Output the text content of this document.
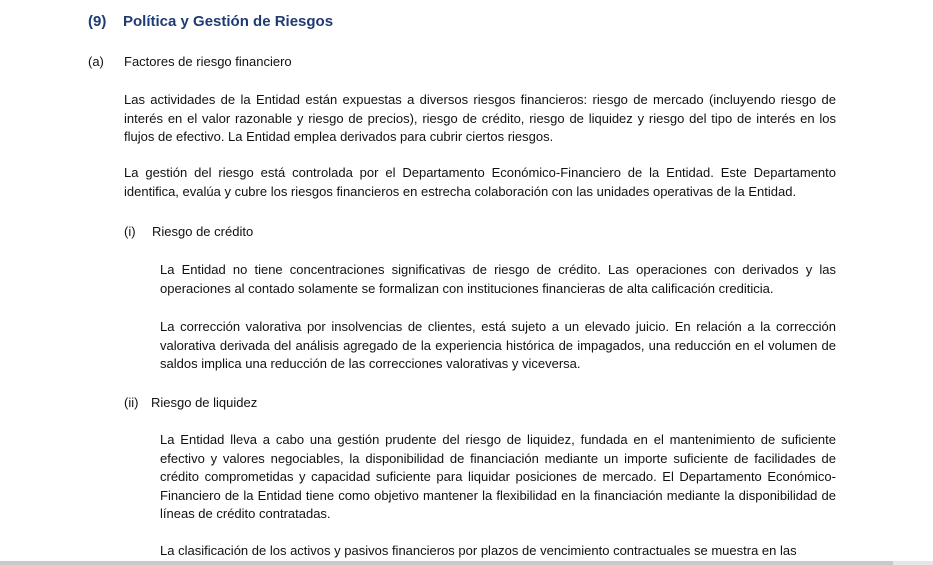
(9) Política y Gestión de Riesgos
(a) Factores de riesgo financiero

Las actividades de la Entidad están expuestas a diversos riesgos financieros: riesgo de mercado (incluyendo riesgo de interés en el valor razonable y riesgo de precios), riesgo de crédito, riesgo de liquidez y riesgo del tipo de interés en los flujos de efectivo. La Entidad emplea derivados para cubrir ciertos riesgos.

La gestión del riesgo está controlada por el Departamento Económico-Financiero de la Entidad. Este Departamento identifica, evalúa y cubre los riesgos financieros en estrecha colaboración con las unidades operativas de la Entidad.

(i) Riesgo de crédito

La Entidad no tiene concentraciones significativas de riesgo de crédito. Las operaciones con derivados y las operaciones al contado solamente se formalizan con instituciones financieras de alta calificación crediticia.

La corrección valorativa por insolvencias de clientes, está sujeto a un elevado juicio. En relación a la corrección valorativa derivada del análisis agregado de la experiencia histórica de impagados, una reducción en el volumen de saldos implica una reducción de las correcciones valorativas y viceversa.

(ii) Riesgo de liquidez

La Entidad lleva a cabo una gestión prudente del riesgo de liquidez, fundada en el mantenimiento de suficiente efectivo y valores negociables, la disponibilidad de financiación mediante un importe suficiente de facilidades de crédito comprometidas y capacidad suficiente para liquidar posiciones de mercado. El Departamento Económico-Financiero de la Entidad tiene como objetivo mantener la flexibilidad en la financiación mediante la disponibilidad de líneas de crédito contratadas.

La clasificación de los activos y pasivos financieros por plazos de vencimiento contractuales se muestra en las
